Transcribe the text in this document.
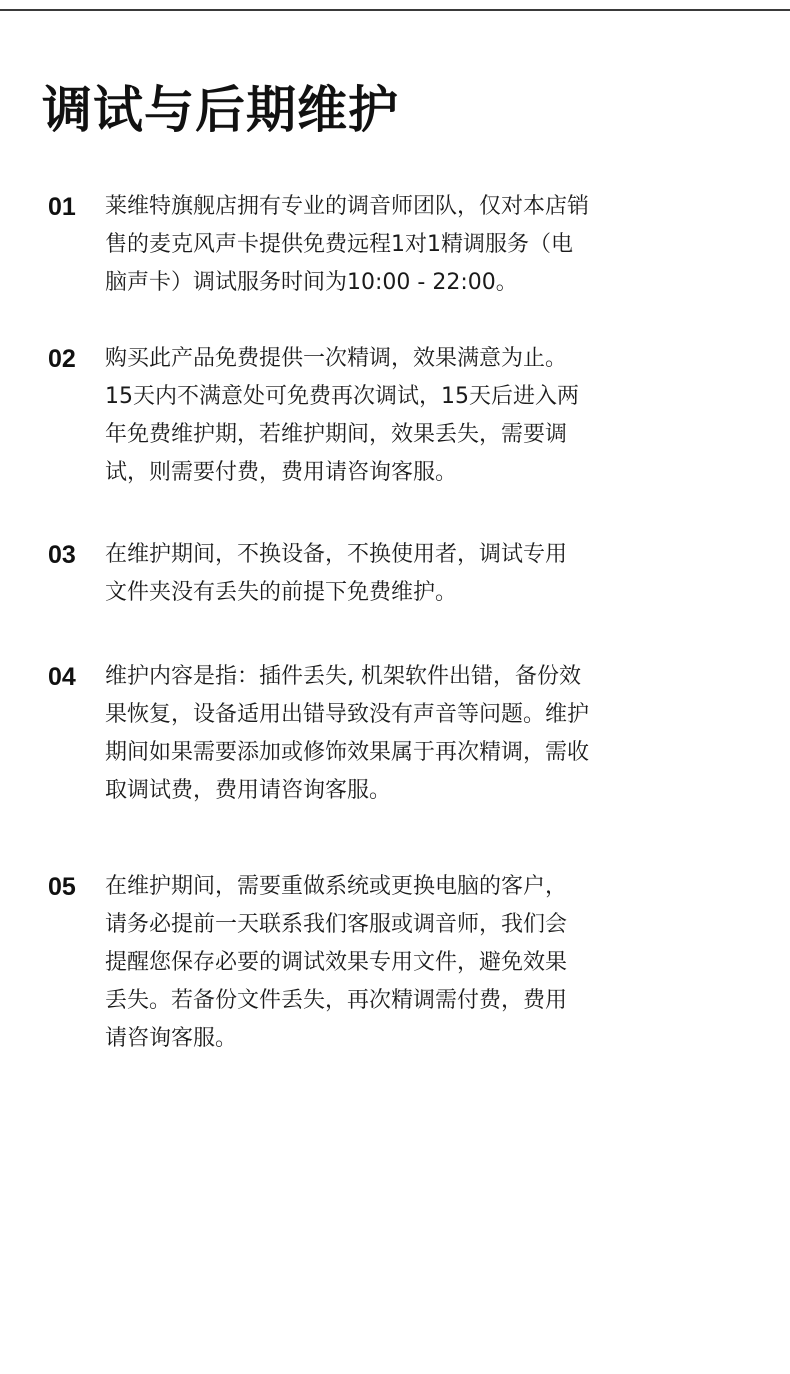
调试与后期维护
01 莱维特旗舰店拥有专业的调音师团队，仅对本店销
售的麦克风声卡提供免费远程1对1精调服务（电
脑声卡）调试服务时间为10:00 - 22:00。
02 购买此产品免费提供一次精调，效果满意为止。
15天内不满意处可免费再次调试，15天后进入两
年免费维护期，若维护期间，效果丢失，需要调
试，则需要付费，费用请咨询客服。
03 在维护期间，不换设备，不换使用者，调试专用
文件夹没有丢失的前提下免费维护。
04 维护内容是指：插件丢失, 机架软件出错，备份效
果恢复，设备适用出错导致没有声音等问题。维护
期间如果需要添加或修饰效果属于再次精调，需收
取调试费，费用请咨询客服。
05 在维护期间，需要重做系统或更换电脑的客户，
请务必提前一天联系我们客服或调音师，我们会
提醒您保存必要的调试效果专用文件，避免效果
丢失。若备份文件丢失，再次精调需付费，费用
请咨询客服。
